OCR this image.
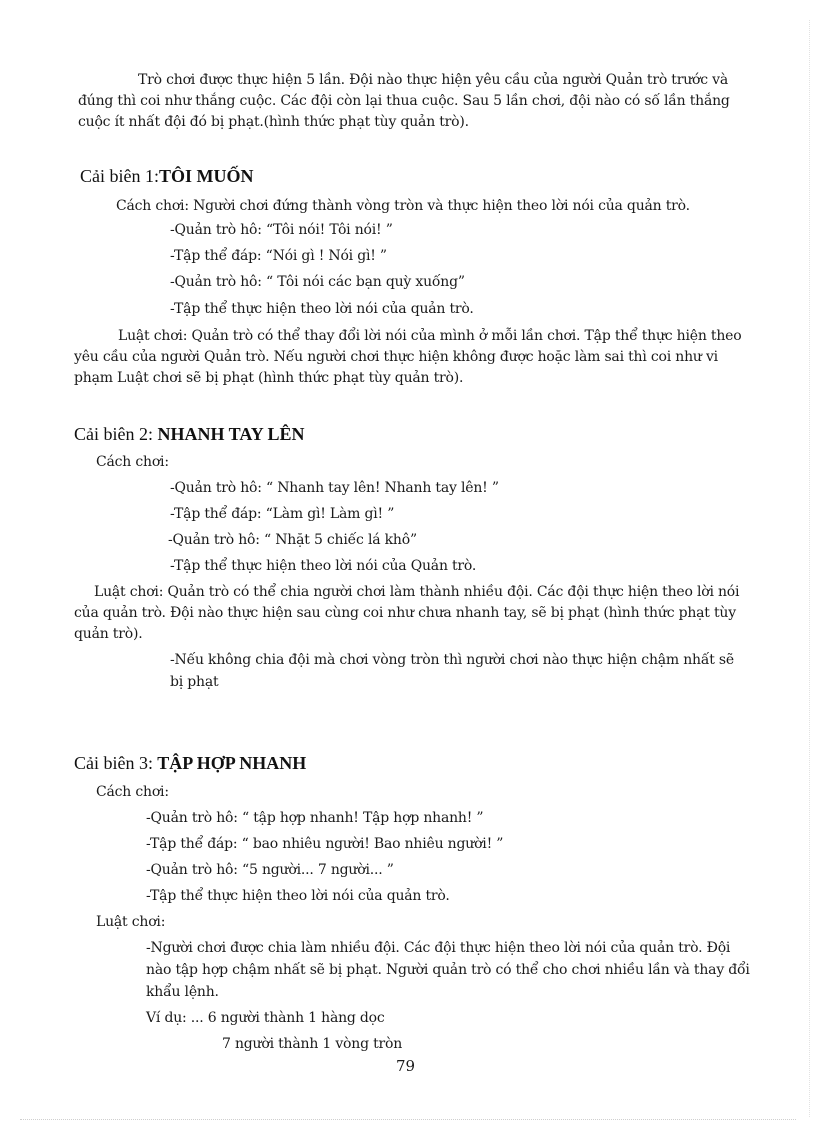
Trò chơi được thực hiện 5 lần. Đội nào thực hiện yêu cầu của người Quản trò trước và
đúng thì coi như thắng cuộc. Các đội còn lại thua cuộc. Sau 5 lần chơi, đội nào có số lần thắng
cuộc ít nhất đội đó bị phạt.(hình thức phạt tùy quản trò).
Cải biên 1:TÔI MUỐN
Cách chơi: Người chơi đứng thành vòng tròn và thực hiện theo lời nói của quản trò.
-Quản trò hô: “Tôi nói! Tôi nói! ”
-Tập thể đáp: “Nói gì ! Nói gì! ”
-Quản trò hô: “ Tôi nói các bạn quỳ xuống”
-Tập thể thực hiện theo lời nói của quản trò.
Luật chơi: Quản trò có thể thay đổi lời nói của mình ở mỗi lần chơi. Tập thể thực hiện theo
yêu cầu của người Quản trò. Nếu người chơi thực hiện không được hoặc làm sai thì coi như vi
phạm Luật chơi sẽ bị phạt (hình thức phạt tùy quản trò).
Cải biên 2: NHANH TAY LÊN
Cách chơi:
-Quản trò hô: “ Nhanh tay lên! Nhanh tay lên! ”
-Tập thể đáp: “Làm gì! Làm gì! ”
-Quản trò hô: “ Nhặt 5 chiếc lá khô”
-Tập thể thực hiện theo lời nói của Quản trò.
Luật chơi: Quản trò có thể chia người chơi làm thành nhiều đội. Các đội thực hiện theo lời nói
của quản trò. Đội nào thực hiện sau cùng coi như chưa nhanh tay, sẽ bị phạt (hình thức phạt tùy
quản trò).
-Nếu không chia đội mà chơi vòng tròn thì người chơi nào thực hiện chậm nhất sẽ
bị phạt
Cải biên 3: TẬP HỢP NHANH
Cách chơi:
-Quản trò hô: “ tập hợp nhanh! Tập hợp nhanh! ”
-Tập thể đáp: “ bao nhiêu người! Bao nhiêu người! ”
-Quản trò hô: “5 người... 7 người... ”
-Tập thể thực hiện theo lời nói của quản trò.
Luật chơi:
-Người chơi được chia làm nhiều đội. Các đội thực hiện theo lời nói của quản trò. Đội
nào tập hợp chậm nhất sẽ bị phạt. Người quản trò có thể cho chơi nhiều lần và thay đổi
khẩu lệnh.
Ví dụ: ... 6 người thành 1 hàng dọc
7 người thành 1 vòng tròn
79
